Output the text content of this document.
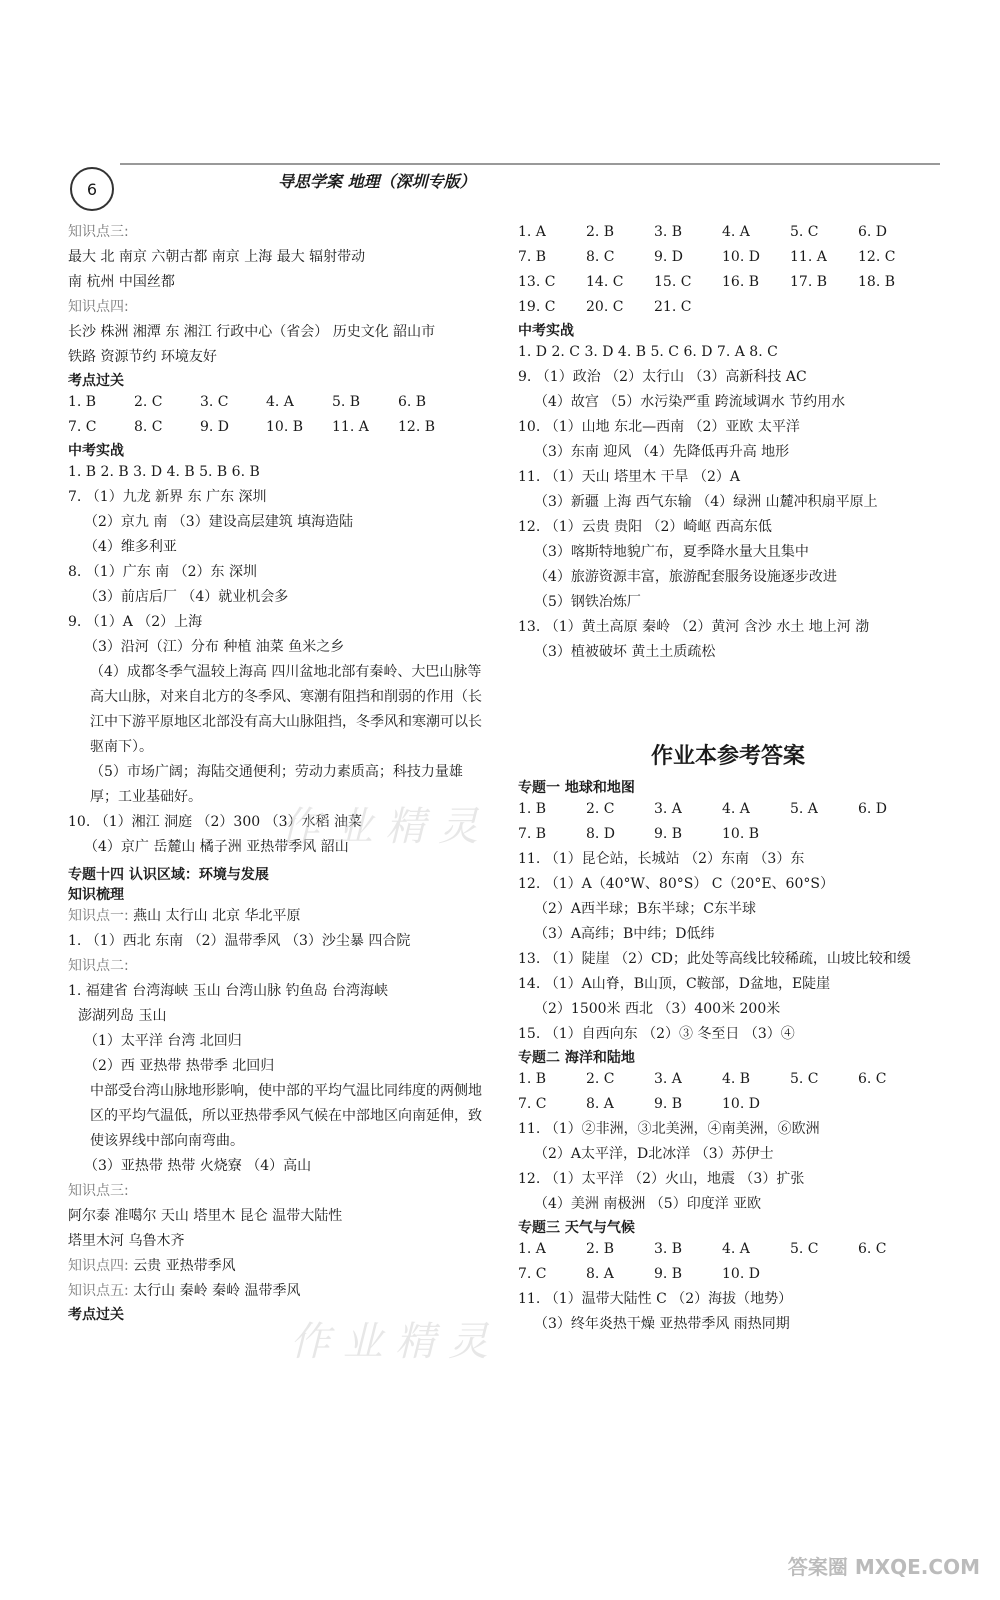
6	导思学案 地理（深圳专版）
知识点三:
最大 北 南京 六朝古都 南京 上海 最大 辐射带动
南 杭州 中国丝都
知识点四:
长沙 株洲 湘潭 东 湘江 行政中心（省会） 历史文化 韶山市
铁路 资源节约 环境友好
考点过关
1. B	2. C	3. C	4. A	5. B	6. B
7. C	8. C	9. D	10. B	11. A	12. B
中考实战
1. B 2. B 3. D 4. B 5. B 6. B
7. （1）九龙 新界 东 广东 深圳
（2）京九 南 （3）建设高层建筑 填海造陆
（4）维多利亚
8. （1）广东 南 （2）东 深圳
（3）前店后厂 （4）就业机会多
9. （1）A （2）上海
（3）沿河（江）分布 种植 油菜 鱼米之乡
（4）成都冬季气温较上海高 四川盆地北部有秦岭、大巴山脉等高大山脉，对来自北方的冬季风、寒潮有阻挡和削弱的作用（长江中下游平原地区北部没有高大山脉阻挡，冬季风和寒潮可以长驱南下）。
（5）市场广阔；海陆交通便利；劳动力素质高；科技力量雄厚；工业基础好。
10. （1）湘江 洞庭 （2）300 （3）水稻 油菜
（4）京广 岳麓山 橘子洲 亚热带季风 韶山
专题十四 认识区域：环境与发展
知识梳理
知识点一: 燕山 太行山 北京 华北平原
1. （1）西北 东南 （2）温带季风 （3）沙尘暴 四合院
知识点二:
1. 福建省 台湾海峡 玉山 台湾山脉 钓鱼岛 台湾海峡
澎湖列岛 玉山
（1）太平洋 台湾 北回归
（2）西 亚热带 热带季 北回归
中部受台湾山脉地形影响，使中部的平均气温比同纬度的两侧地区的平均气温低，所以亚热带季风气候在中部地区向南延伸，致使该界线中部向南弯曲。
（3）亚热带 热带 火烧寮 （4）高山
知识点三:
阿尔泰 准噶尔 天山 塔里木 昆仑 温带大陆性
塔里木河 乌鲁木齐
知识点四: 云贵 亚热带季风
知识点五: 太行山 秦岭 秦岭 温带季风
考点过关
1. A	2. B	3. B	4. A	5. C	6. D
7. B	8. C	9. D	10. D	11. A	12. C
13. C	14. C	15. C	16. B	17. B	18. B
19. C	20. C	21. C
中考实战
1. D 2. C 3. D 4. B 5. C 6. D 7. A 8. C
9. （1）政治 （2）太行山 （3）高新科技 AC
（4）故宫 （5）水污染严重 跨流域调水 节约用水
10. （1）山地 东北—西南 （2）亚欧 太平洋
（3）东南 迎风 （4）先降低再升高 地形
11. （1）天山 塔里木 干旱 （2）A
（3）新疆 上海 西气东输 （4）绿洲 山麓冲积扇平原上
12. （1）云贵 贵阳 （2）崎岖 西高东低
（3）喀斯特地貌广布，夏季降水量大且集中
（4）旅游资源丰富，旅游配套服务设施逐步改进
（5）钢铁冶炼厂
13. （1）黄土高原 秦岭 （2）黄河 含沙 水土 地上河 渤
（3）植被破坏 黄土土质疏松
作业本参考答案
专题一 地球和地图
1. B	2. C	3. A	4. A	5. A	6. D
7. B	8. D	9. B	10. B
11. （1）昆仑站，长城站 （2）东南 （3）东
12. （1）A（40°W、80°S） C（20°E、60°S）
（2）A西半球；B东半球；C东半球
（3）A高纬；B中纬；D低纬
13. （1）陡崖 （2）CD；此处等高线比较稀疏，山坡比较和缓
14. （1）A山脊，B山顶，C鞍部，D盆地，E陡崖
（2）1500米 西北 （3）400米 200米
15. （1）自西向东 （2）③ 冬至日 （3）④
专题二 海洋和陆地
1. B	2. C	3. A	4. B	5. C	6. C
7. C	8. A	9. B	10. D
11. （1）②非洲，③北美洲，④南美洲，⑥欧洲
（2）A太平洋，D北冰洋 （3）苏伊士
12. （1）太平洋 （2）火山，地震 （3）扩张
（4）美洲 南极洲 （5）印度洋 亚欧
专题三 天气与气候
1. A	2. B	3. B	4. A	5. C	6. C
7. C	8. A	9. B	10. D
11. （1）温带大陆性 C （2）海拔（地势）
（3）终年炎热干燥 亚热带季风 雨热同期
作 业 精 灵
作 业 精 灵
答案圈 MXQE.COM
